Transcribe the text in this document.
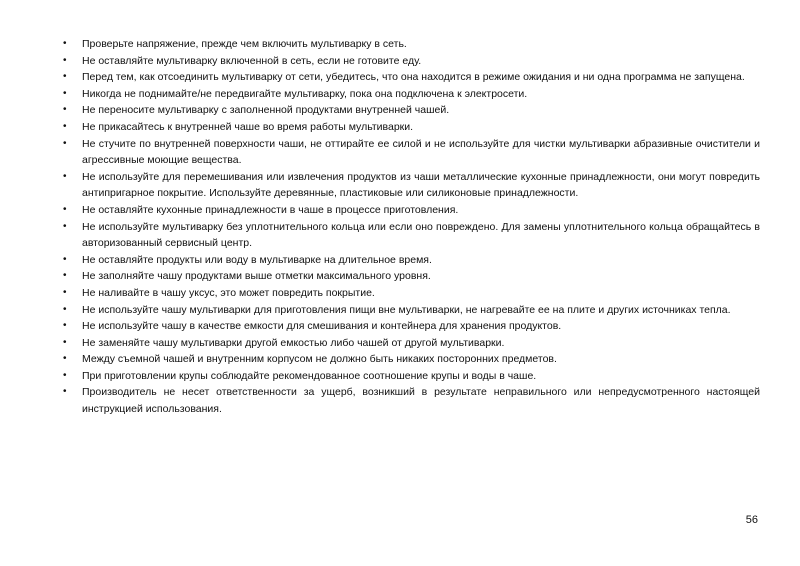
• Проверьте напряжение, прежде чем включить мультиварку в сеть.
• Не оставляйте мультиварку включенной в сеть, если не готовите еду.
• Перед тем, как отсоединить мультиварку от сети, убедитесь, что она находится в режиме ожидания и ни одна программа не запущена.
• Никогда не поднимайте/не передвигайте мультиварку, пока она подключена к электросети.
• Не переносите мультиварку с заполненной продуктами внутренней чашей.
• Не прикасайтесь к внутренней чаше во время работы мультиварки.
• Не стучите по внутренней поверхности чаши, не оттирайте ее силой и не используйте для чистки мультиварки абразивные очистители и агрессивные моющие вещества.
• Не используйте для перемешивания или извлечения продуктов из чаши металлические кухонные принадлежности, они могут повредить антипригарное покрытие. Используйте деревянные, пластиковые или силиконовые принадлежности.
• Не оставляйте кухонные принадлежности в чаше в процессе приготовления.
• Не используйте мультиварку без уплотнительного кольца или если оно повреждено. Для замены уплотнительного кольца обращайтесь в авторизованный сервисный центр.
• Не оставляйте продукты или воду в мультиварке на длительное время.
• Не заполняйте чашу продуктами выше отметки максимального уровня.
• Не наливайте в чашу уксус, это может повредить покрытие.
• Не используйте чашу мультиварки для приготовления пищи вне мультиварки, не нагревайте ее на плите и других источниках тепла.
• Не используйте чашу в качестве емкости для смешивания и контейнера для хранения продуктов.
• Не заменяйте чашу мультиварки другой емкостью либо чашей от другой мультиварки.
• Между съемной чашей и внутренним корпусом не должно быть никаких посторонних предметов.
• При приготовлении крупы соблюдайте рекомендованное соотношение крупы и воды в чаше.
• Производитель не несет ответственности за ущерб, возникший в результате неправильного или непредусмотренного настоящей инструкцией использования.
56
